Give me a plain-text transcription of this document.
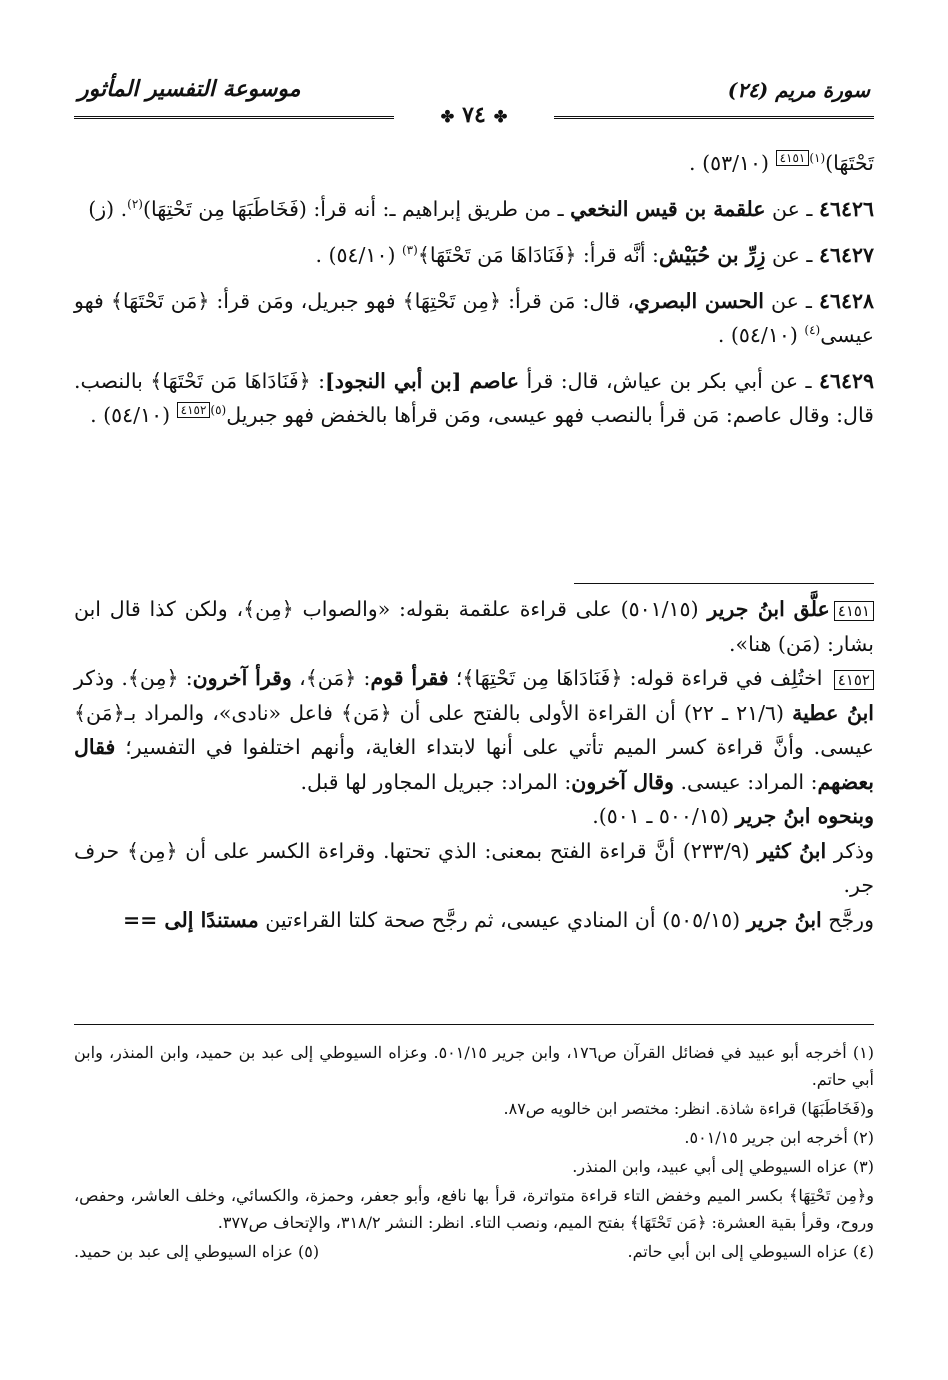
سورة مريم (٢٤)
موسوعة التفسير المأثور
✤٧٤✤

تَحْتَهَا)$^{(١)}$٤١٥١ . (٥٣/١٠)

٤٦٤٢٦ ـ عن علقمة بن قيس النخعي ـ من طريق إبراهيم ـ: أنه قرأ: (فَخَاطَبَهَا مِن تَحْتِهَا)$^{(٢)}$. (ز)

٤٦٤٢٧ ـ عن زِرِّ بن حُبَيْش: أنَّه قرأ: ﴿فَنَادَاهَا مَن تَحْتَهَا﴾$^{(٣)}$ . (٥٤/١٠)

٤٦٤٢٨ ـ عن الحسن البصري، قال: مَن قرأ: ﴿مِن تَحْتِهَا﴾ فهو جبريل، ومَن قرأ: ﴿مَن تَحْتَهَا﴾ فهو عيسى$^{(٤)}$ . (٥٤/١٠)

٤٦٤٢٩ ـ عن أبي بكر بن عياش، قال: قرأ عاصم [بن أبي النجود]: ﴿فَنَادَاهَا مَن تَحْتَهَا﴾ بالنصب. قال: وقال عاصم: مَن قرأ بالنصب فهو عيسى، ومَن قرأها بالخفض فهو جبريل$^{(٥)}$٤١٥٢ . (٥٤/١٠)

٤١٥١علَّق ابنُ جرير (٥٠١/١٥) على قراءة علقمة بقوله: «والصواب ﴿مِن﴾، ولكن كذا قال ابن بشار: (مَن) هنا».

٤١٥٢ اختُلِف في قراءة قوله: ﴿فَنَادَاهَا مِن تَحْتِهَا﴾؛ فقرأ قوم: ﴿مَن﴾، وقرأ آخرون: ﴿مِن﴾. وذكر ابنُ عطية (٢١/٦ ـ ٢٢) أن القراءة الأولى بالفتح على أن ﴿مَن﴾ فاعل «نادى»، والمراد بـ﴿مَن﴾ عيسى. وأنَّ قراءة كسر الميم تأتي على أنها لابتداء الغاية، وأنهم اختلفوا في التفسير؛ فقال بعضهم: المراد: عيسى. وقال آخرون: المراد: جبريل المجاور لها قبل.

وبنحوه ابنُ جرير (٥٠٠/١٥ ـ ٥٠١).

وذكر ابنُ كثير (٢٣٣/٩) أنَّ قراءة الفتح بمعنى: الذي تحتها. وقراءة الكسر على أن ﴿مِن﴾ حرف جر.

ورجَّح ابنُ جرير (٥٠٥/١٥) أن المنادي عيسى، ثم رجَّح صحة كلتا القراءتين مستندًا إلى ==

(١) أخرجه أبو عبيد في فضائل القرآن ص١٧٦، وابن جرير ٥٠١/١٥. وعزاه السيوطي إلى عبد بن حميد، وابن المنذر، وابن أبي حاتم.

و(فَخَاطَبَهَا) قراءة شاذة. انظر: مختصر ابن خالويه ص٨٧.

(٢) أخرجه ابن جرير ٥٠١/١٥.

(٣) عزاه السيوطي إلى أبي عبيد، وابن المنذر.

و﴿مِن تَحْتِهَا﴾ بكسر الميم وخفض التاء قراءة متواترة، قرأ بها نافع، وأبو جعفر، وحمزة، والكسائي، وخلف العاشر، وحفص، وروح، وقرأ بقية العشرة: ﴿مَن تَحْتَهَا﴾ بفتح الميم، ونصب التاء. انظر: النشر ٣١٨/٢، والإتحاف ص٣٧٧.

(٤) عزاه السيوطي إلى ابن أبي حاتم.
(٥) عزاه السيوطي إلى عبد بن حميد.
